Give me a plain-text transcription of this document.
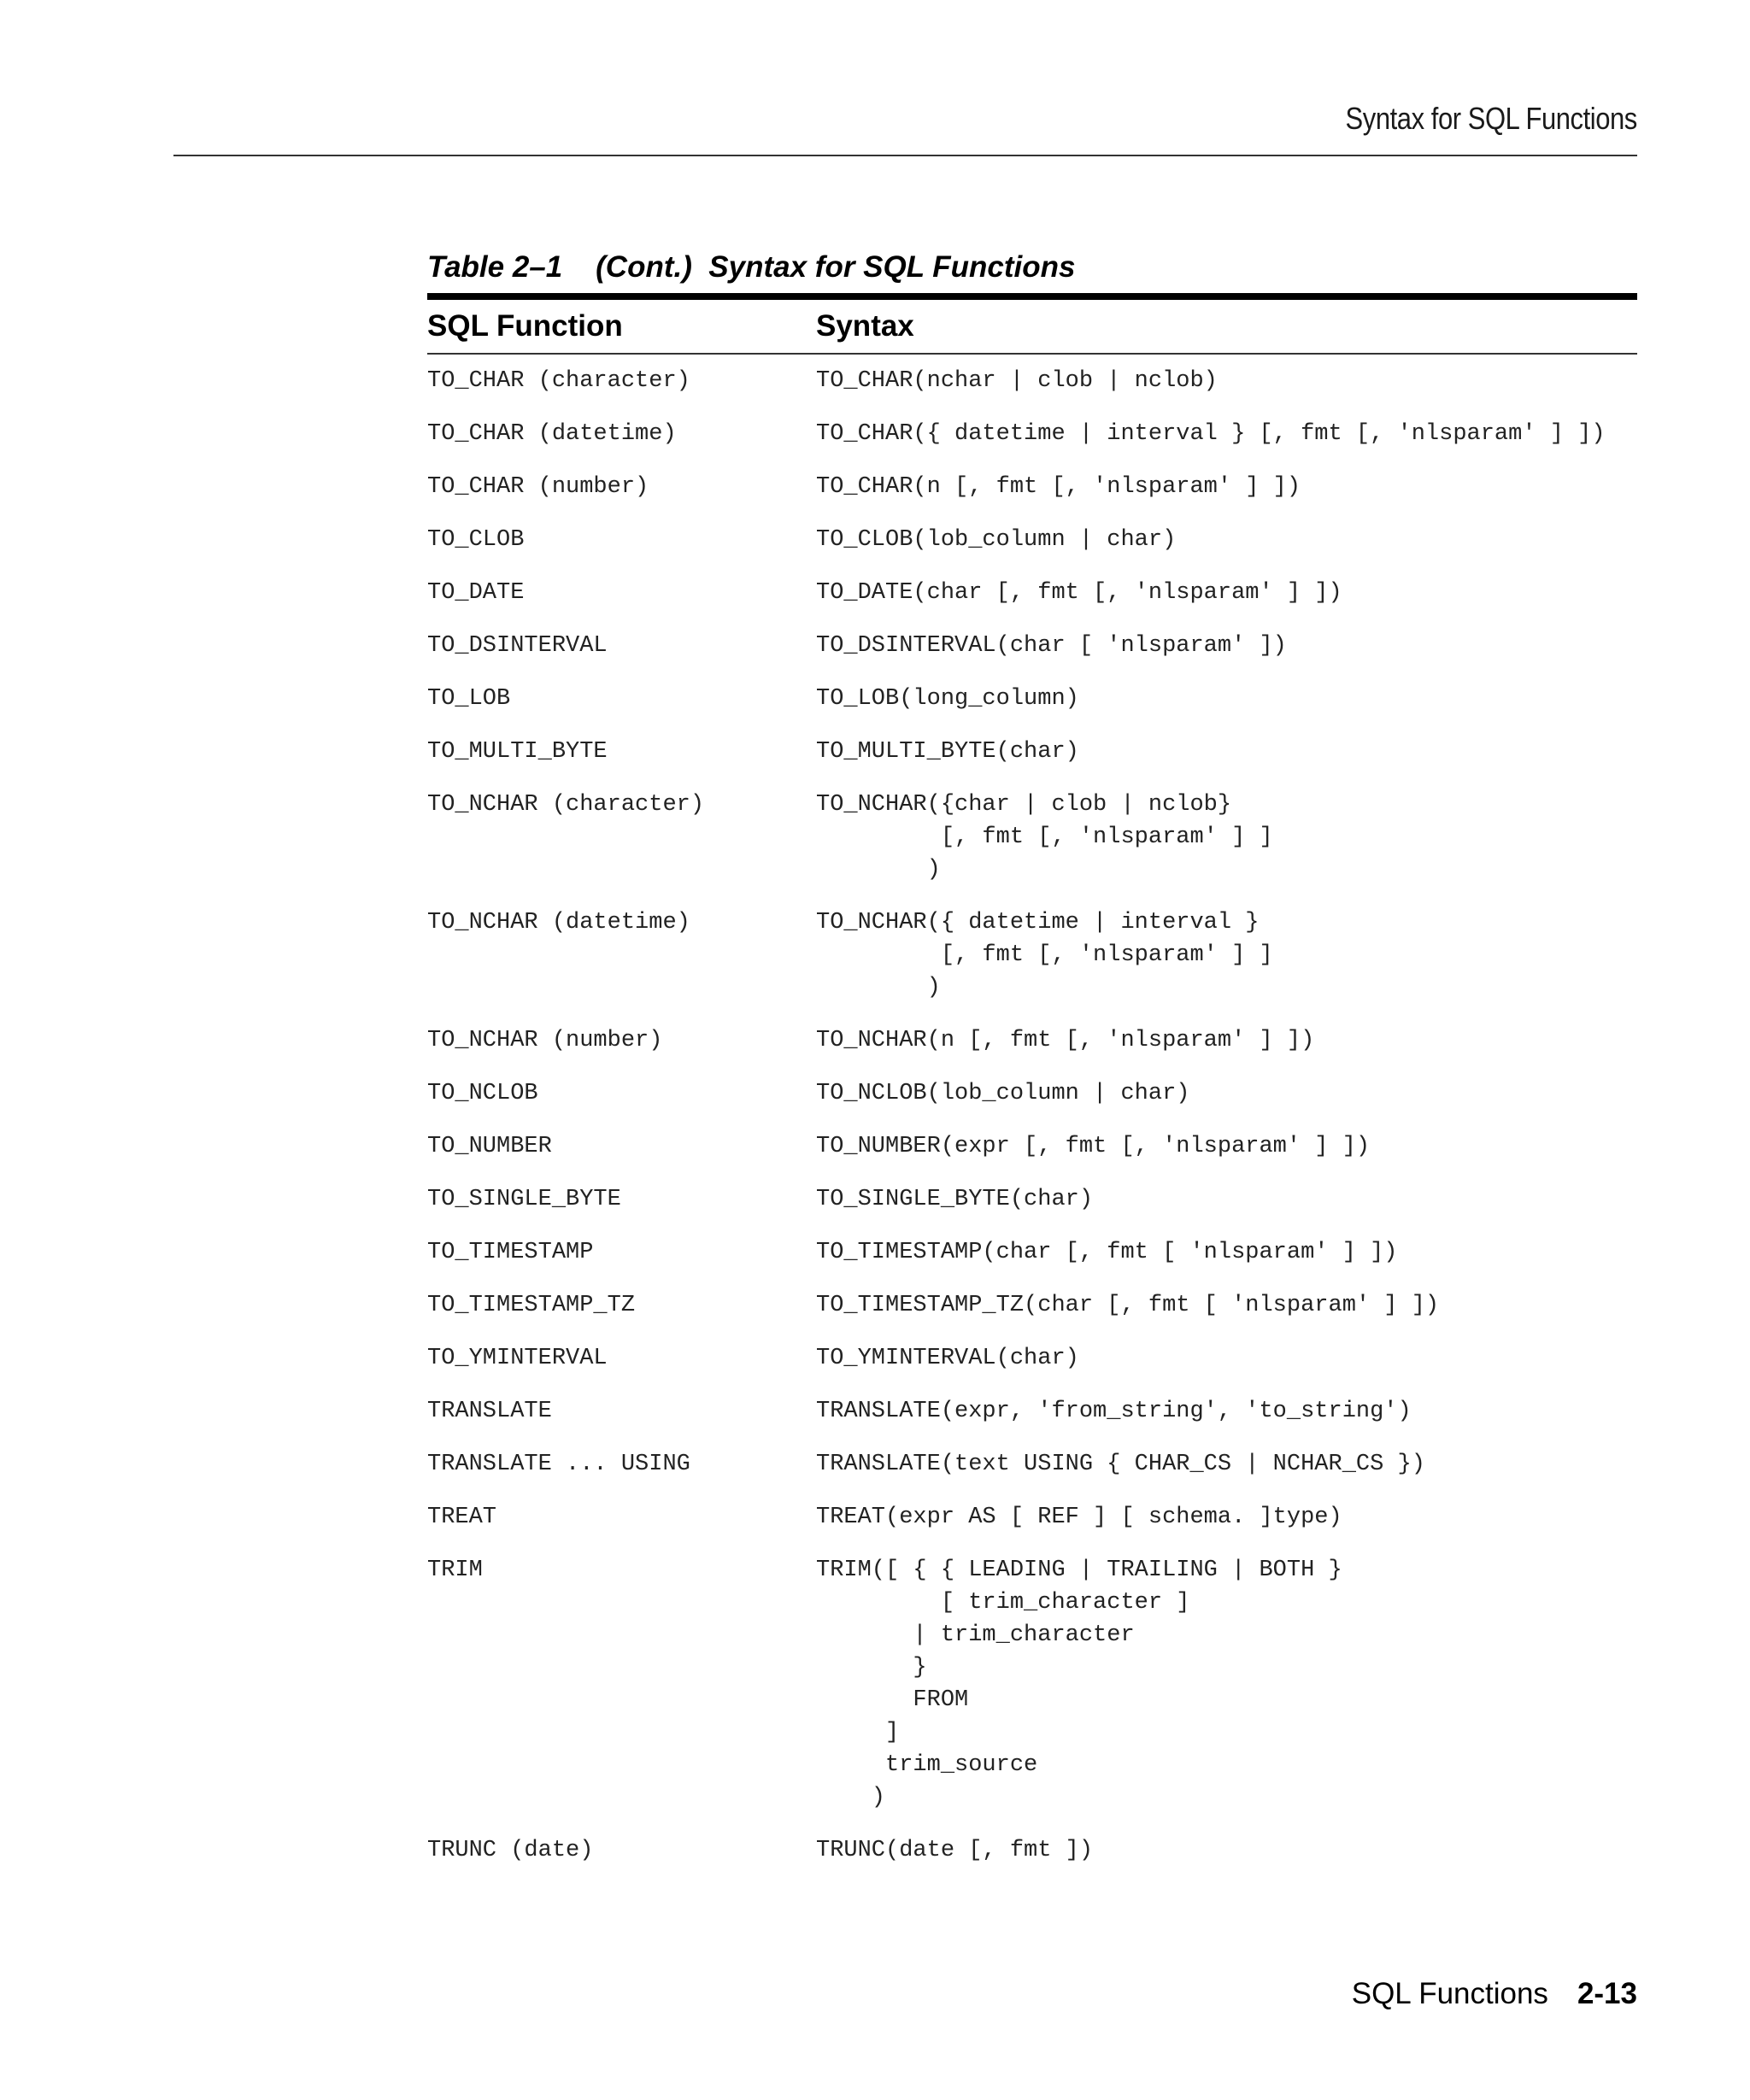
Syntax for SQL Functions
Table 2–1    (Cont.)  Syntax for SQL Functions
SQL Function	Syntax
TO_CHAR (character)	TO_CHAR(nchar | clob | nclob)
TO_CHAR (datetime)	TO_CHAR({ datetime | interval } [, fmt [, 'nlsparam' ] ])
TO_CHAR (number)	TO_CHAR(n [, fmt [, 'nlsparam' ] ])
TO_CLOB	TO_CLOB(lob_column | char)
TO_DATE	TO_DATE(char [, fmt [, 'nlsparam' ] ])
TO_DSINTERVAL	TO_DSINTERVAL(char [ 'nlsparam' ])
TO_LOB	TO_LOB(long_column)
TO_MULTI_BYTE	TO_MULTI_BYTE(char)
TO_NCHAR (character)	TO_NCHAR({char | clob | nclob}
[, fmt [, 'nlsparam' ] ]
)
TO_NCHAR (datetime)	TO_NCHAR({ datetime | interval }
[, fmt [, 'nlsparam' ] ]
)
TO_NCHAR (number)	TO_NCHAR(n [, fmt [, 'nlsparam' ] ])
TO_NCLOB	TO_NCLOB(lob_column | char)
TO_NUMBER	TO_NUMBER(expr [, fmt [, 'nlsparam' ] ])
TO_SINGLE_BYTE	TO_SINGLE_BYTE(char)
TO_TIMESTAMP	TO_TIMESTAMP(char [, fmt [ 'nlsparam' ] ])
TO_TIMESTAMP_TZ	TO_TIMESTAMP_TZ(char [, fmt [ 'nlsparam' ] ])
TO_YMINTERVAL	TO_YMINTERVAL(char)
TRANSLATE	TRANSLATE(expr, 'from_string', 'to_string')
TRANSLATE ... USING	TRANSLATE(text USING { CHAR_CS | NCHAR_CS })
TREAT	TREAT(expr AS [ REF ] [ schema. ]type)
TRIM	TRIM([ { { LEADING | TRAILING | BOTH }
[ trim_character ]
| trim_character
}
FROM
]
trim_source
)
TRUNC (date)	TRUNC(date [, fmt ])
SQL Functions 2-13
